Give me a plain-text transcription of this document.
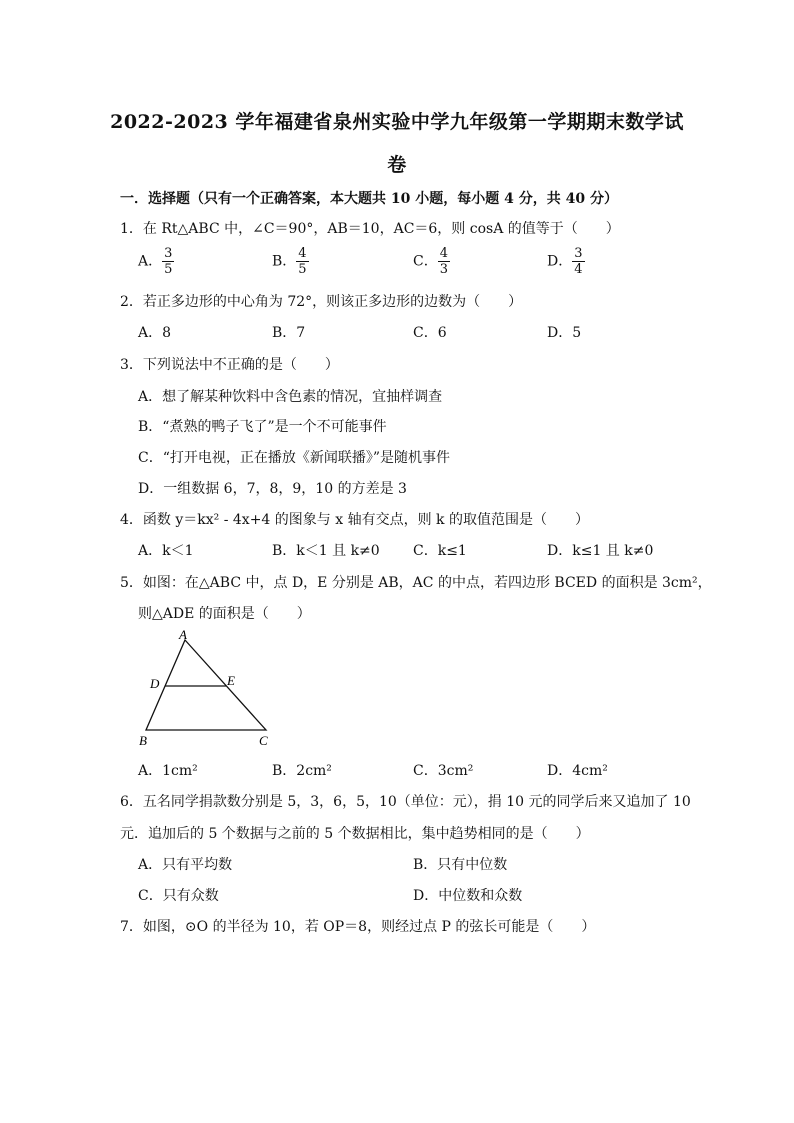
2022-2023 学年福建省泉州实验中学九年级第一学期期末数学试
卷
一．选择题（只有一个正确答案，本大题共 10 小题，每小题 4 分，共 40 分）
1．在 Rt△ABC 中，∠C＝90°，AB＝10，AC＝6，则 cosA 的值等于（　　）
A． $\frac{3}{5}$	B． $\frac{4}{5}$	C． $\frac{4}{3}$	D． $\frac{3}{4}$
2．若正多边形的中心角为 72°，则该正多边形的边数为（　　）
A．8	B．7	C．6	D．5
3．下列说法中不正确的是（　　）
A．想了解某种饮料中含色素的情况，宜抽样调查
B．“煮熟的鸭子飞了”是一个不可能事件
C．“打开电视，正在播放《新闻联播》”是随机事件
D．一组数据 6，7，8，9，10 的方差是 3
4．函数 y＝kx² - 4x+4 的图象与 x 轴有交点，则 k 的取值范围是（　　）
A．k＜1	B．k＜1 且 k≠0 C．k≤1	D．k≤1 且 k≠0
5．如图：在△ABC 中，点 D，E 分别是 AB，AC 的中点，若四边形 BCED 的面积是 3cm²，
则△ADE 的面积是（　　）
A
D	E
B	C
A．1cm²	B．2cm²	C．3cm²	D．4cm²
6．五名同学捐款数分别是 5，3，6，5，10（单位：元），捐 10 元的同学后来又追加了 10
元．追加后的 5 个数据与之前的 5 个数据相比，集中趋势相同的是（　　）
A．只有平均数	B．只有中位数
C．只有众数	D．中位数和众数
7．如图，⊙O 的半径为 10，若 OP＝8，则经过点 P 的弦长可能是（　　）
